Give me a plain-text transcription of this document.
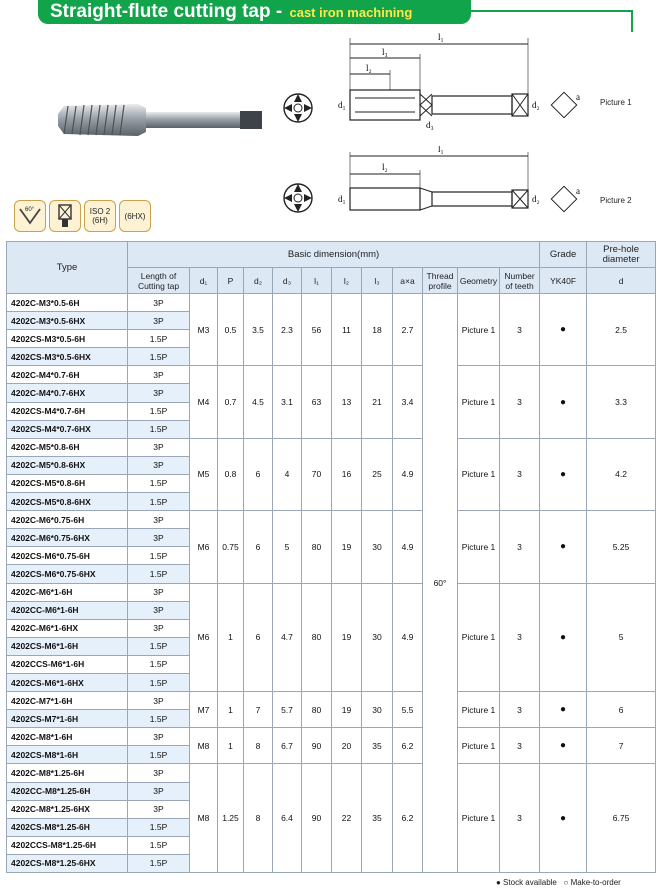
Straight-flute cutting tap - cast iron machining
l₁
l₃
l₂
d₁
d₃
d₂
a
Picture 1
l₁
l₂
d₁	d₂
a
Picture 2
60°	ISO 2 (6H)	(6HX)
Type	Basic dimension(mm)												Grade	Pre-hole diameter
	Length of Cutting tap	d₁	P	d₂	d₃	l₁	l₂	l₃	a×a	Thread profile	Geometry	Number of teeth	YK40F	d
4202C-M3*0.5-6H	3P	M3	0.5	3.5	2.3	56	11	18	2.7	60°	Picture 1	3	●	2.5
4202C-M3*0.5-6HX	3P													
4202CS-M3*0.5-6H	1.5P													
4202CS-M3*0.5-6HX	1.5P													
4202C-M4*0.7-6H	3P	M4	0.7	4.5	3.1	63	13	21	3.4		Picture 1	3	●	3.3
4202C-M4*0.7-6HX	3P													
4202CS-M4*0.7-6H	1.5P													
4202CS-M4*0.7-6HX	1.5P													
4202C-M5*0.8-6H	3P	M5	0.8	6	4	70	16	25	4.9		Picture 1	3	●	4.2
4202C-M5*0.8-6HX	3P													
4202CS-M5*0.8-6H	1.5P													
4202CS-M5*0.8-6HX	1.5P													
4202C-M6*0.75-6H	3P	M6	0.75	6	5	80	19	30	4.9		Picture 1	3	●	5.25
4202C-M6*0.75-6HX	3P													
4202CS-M6*0.75-6H	1.5P													
4202CS-M6*0.75-6HX	1.5P													
4202C-M6*1-6H	3P	M6	1	6	4.7	80	19	30	4.9		Picture 1	3	●	5
4202CC-M6*1-6H	3P													
4202C-M6*1-6HX	3P													
4202CS-M6*1-6H	1.5P													
4202CCS-M6*1-6H	1.5P													
4202CS-M6*1-6HX	1.5P													
4202C-M7*1-6H	3P	M7	1	7	5.7	80	19	30	5.5		Picture 1	3	●	6
4202CS-M7*1-6H	1.5P													
4202C-M8*1-6H	3P	M8	1	8	6.7	90	20	35	6.2		Picture 1	3	●	7
4202CS-M8*1-6H	1.5P													
4202C-M8*1.25-6H	3P	M8	1.25	8	6.4	90	22	35	6.2		Picture 1	3	●	6.75
4202CC-M8*1.25-6H	3P													
4202C-M8*1.25-6HX	3P													
4202CS-M8*1.25-6H	1.5P													
4202CCS-M8*1.25-6H	1.5P													
4202CS-M8*1.25-6HX	1.5P													
● Stock available ○ Make-to-order
